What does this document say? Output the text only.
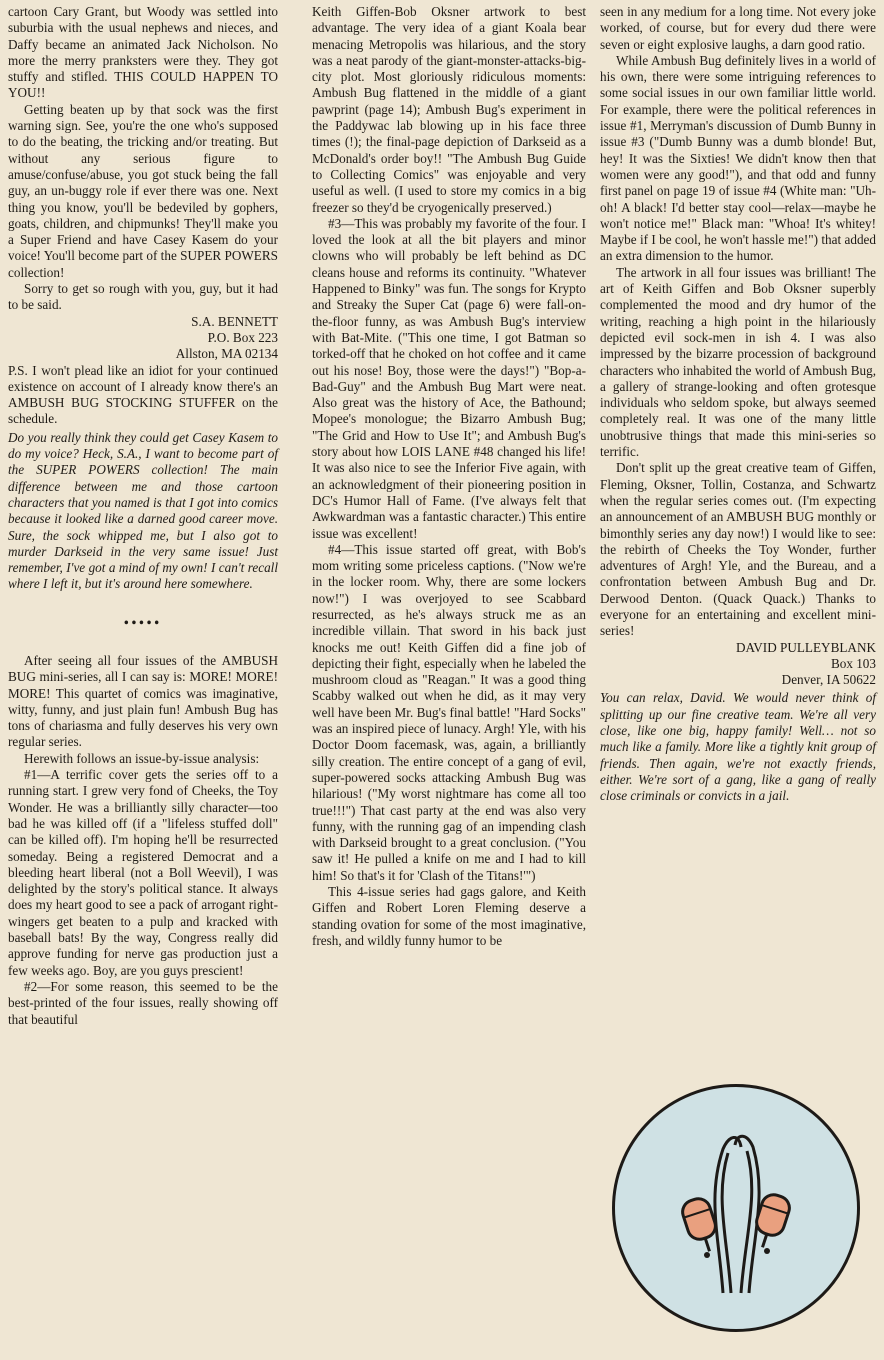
cartoon Cary Grant, but Woody was settled into suburbia with the usual nephews and nieces, and Daffy became an animated Jack Nicholson. No more the merry pranksters were they. They got stuffy and stifled. THIS COULD HAPPEN TO YOU!!

Getting beaten up by that sock was the first warning sign. See, you're the one who's supposed to do the beating, the tricking and/or treating. But without any serious figure to amuse/confuse/abuse, you got stuck being the fall guy, an un-buggy role if ever there was one. Next thing you know, you'll be bedeviled by gophers, goats, children, and chipmunks! They'll make you a Super Friend and have Casey Kasem do your voice! You'll become part of the SUPER POWERS collection!

Sorry to get so rough with you, guy, but it had to be said.

S.A. BENNETT
P.O. Box 223
Allston, MA 02134

P.S. I won't plead like an idiot for your continued existence on account of I already know there's an AMBUSH BUG STOCKING STUFFER on the schedule.

Do you really think they could get Casey Kasem to do my voice? Heck, S.A., I want to become part of the SUPER POWERS collection! The main difference between me and those cartoon characters that you named is that I got into comics because it looked like a darned good career move. Sure, the sock whipped me, but I also got to murder Darkseid in the very same issue! Just remember, I've got a mind of my own! I can't recall where I left it, but it's around here somewhere.

•••••

After seeing all four issues of the AMBUSH BUG mini-series, all I can say is: MORE! MORE! MORE! This quartet of comics was imaginative, witty, funny, and just plain fun! Ambush Bug has tons of chariasma and fully deserves his very own regular series.

Herewith follows an issue-by-issue analysis:

#1—A terrific cover gets the series off to a running start. I grew very fond of Cheeks, the Toy Wonder. He was a brilliantly silly character—too bad he was killed off (if a "lifeless stuffed doll" can be killed off). I'm hoping he'll be resurrected someday. Being a registered Democrat and a bleeding heart liberal (not a Boll Weevil), I was delighted by the story's political stance. It always does my heart good to see a pack of arrogant right-wingers get beaten to a pulp and kracked with baseball bats! By the way, Congress really did approve funding for nerve gas production just a few weeks ago. Boy, are you guys prescient!

#2—For some reason, this seemed to be the best-printed of the four issues, really showing off that beautiful

Keith Giffen-Bob Oksner artwork to best advantage. The very idea of a giant Koala bear menacing Metropolis was hilarious, and the story was a neat parody of the giant-monster-attacks-big-city plot. Most gloriously ridiculous moments: Ambush Bug flattened in the middle of a giant pawprint (page 14); Ambush Bug's experiment in the Paddywac lab blowing up in his face three times (!); the final-page depiction of Darkseid as a McDonald's order boy!! "The Ambush Bug Guide to Collecting Comics" was enjoyable and very useful as well. (I used to store my comics in a big freezer so they'd be cryogenically preserved.)

#3—This was probably my favorite of the four. I loved the look at all the bit players and minor clowns who will probably be left behind as DC cleans house and reforms its continuity. "Whatever Happened to Binky" was fun. The songs for Krypto and Streaky the Super Cat (page 6) were fall-on-the-floor funny, as was Ambush Bug's interview with Bat-Mite. ("This one time, I got Batman so torked-off that he choked on hot coffee and it came out his nose! Boy, those were the days!") "Bop-a-Bad-Guy" and the Ambush Bug Mart were neat. Also great was the history of Ace, the Bathound; Mopee's monologue; the Bizarro Ambush Bug; "The Grid and How to Use It"; and Ambush Bug's story about how LOIS LANE #48 changed his life! It was also nice to see the Inferior Five again, with an acknowledgment of their pioneering position in DC's Humor Hall of Fame. (I've always felt that Awkwardman was a fantastic character.) This entire issue was excellent!

#4—This issue started off great, with Bob's mom writing some priceless captions. ("Now we're in the locker room. Why, there are some lockers now!") I was overjoyed to see Scabbard resurrected, as he's always struck me as an incredible villain. That sword in his back just knocks me out! Keith Giffen did a fine job of depicting their fight, especially when he labeled the mushroom cloud as "Reagan." It was a good thing Scabby walked out when he did, as it may very well have been Mr. Bug's final battle! "Hard Socks" was an inspired piece of lunacy. Argh! Yle, with his Doctor Doom facemask, was, again, a brilliantly silly creation. The entire concept of a gang of evil, super-powered socks attacking Ambush Bug was hilarious! ("My worst nightmare has come all too true!!!") That cast party at the end was also very funny, with the running gag of an impending clash with Darkseid brought to a great conclusion. ("You saw it! He pulled a knife on me and I had to kill him! So that's it for 'Clash of the Titans!'")

This 4-issue series had gags galore, and Keith Giffen and Robert Loren Fleming deserve a standing ovation for some of the most imaginative, fresh, and wildly funny humor to be

seen in any medium for a long time. Not every joke worked, of course, but for every dud there were seven or eight explosive laughs, a darn good ratio.

While Ambush Bug definitely lives in a world of his own, there were some intriguing references to some social issues in our own familiar little world. For example, there were the political references in issue #1, Merryman's discussion of Dumb Bunny in issue #3 ("Dumb Bunny was a dumb blonde! But, hey! It was the Sixties! We didn't know then that women were any good!"), and that odd and funny first panel on page 19 of issue #4 (White man: "Uh-oh! A black! I'd better stay cool—relax—maybe he won't notice me!" Black man: "Whoa! It's whitey! Maybe if I be cool, he won't hassle me!") that added an extra dimension to the humor.

The artwork in all four issues was brilliant! The art of Keith Giffen and Bob Oksner superbly complemented the mood and dry humor of the writing, reaching a high point in the hilariously depicted evil sock-men in ish 4. I was also impressed by the bizarre procession of background characters who inhabited the world of Ambush Bug, a gallery of strange-looking and often grotesque individuals who seldom spoke, but always seemed completely real. It was one of the many little unobtrusive things that made this mini-series so terrific.

Don't split up the great creative team of Giffen, Fleming, Oksner, Tollin, Costanza, and Schwartz when the regular series comes out. (I'm expecting an announcement of an AMBUSH BUG monthly or bimonthly series any day now!) I would like to see: the rebirth of Cheeks the Toy Wonder, further adventures of Argh! Yle, and the Bureau, and a confrontation between Ambush Bug and Dr. Derwood Denton. (Quack Quack.) Thanks to everyone for an entertaining and excellent mini-series!

DAVID PULLEYBLANK
Box 103
Denver, IA 50622

You can relax, David. We would never think of splitting up our fine creative team. We're all very close, like one big, happy family! Well… not so much like a family. More like a tightly knit group of friends. Then again, we're not exactly friends, either. We're sort of a gang, like a gang of really close criminals or convicts in a jail.
